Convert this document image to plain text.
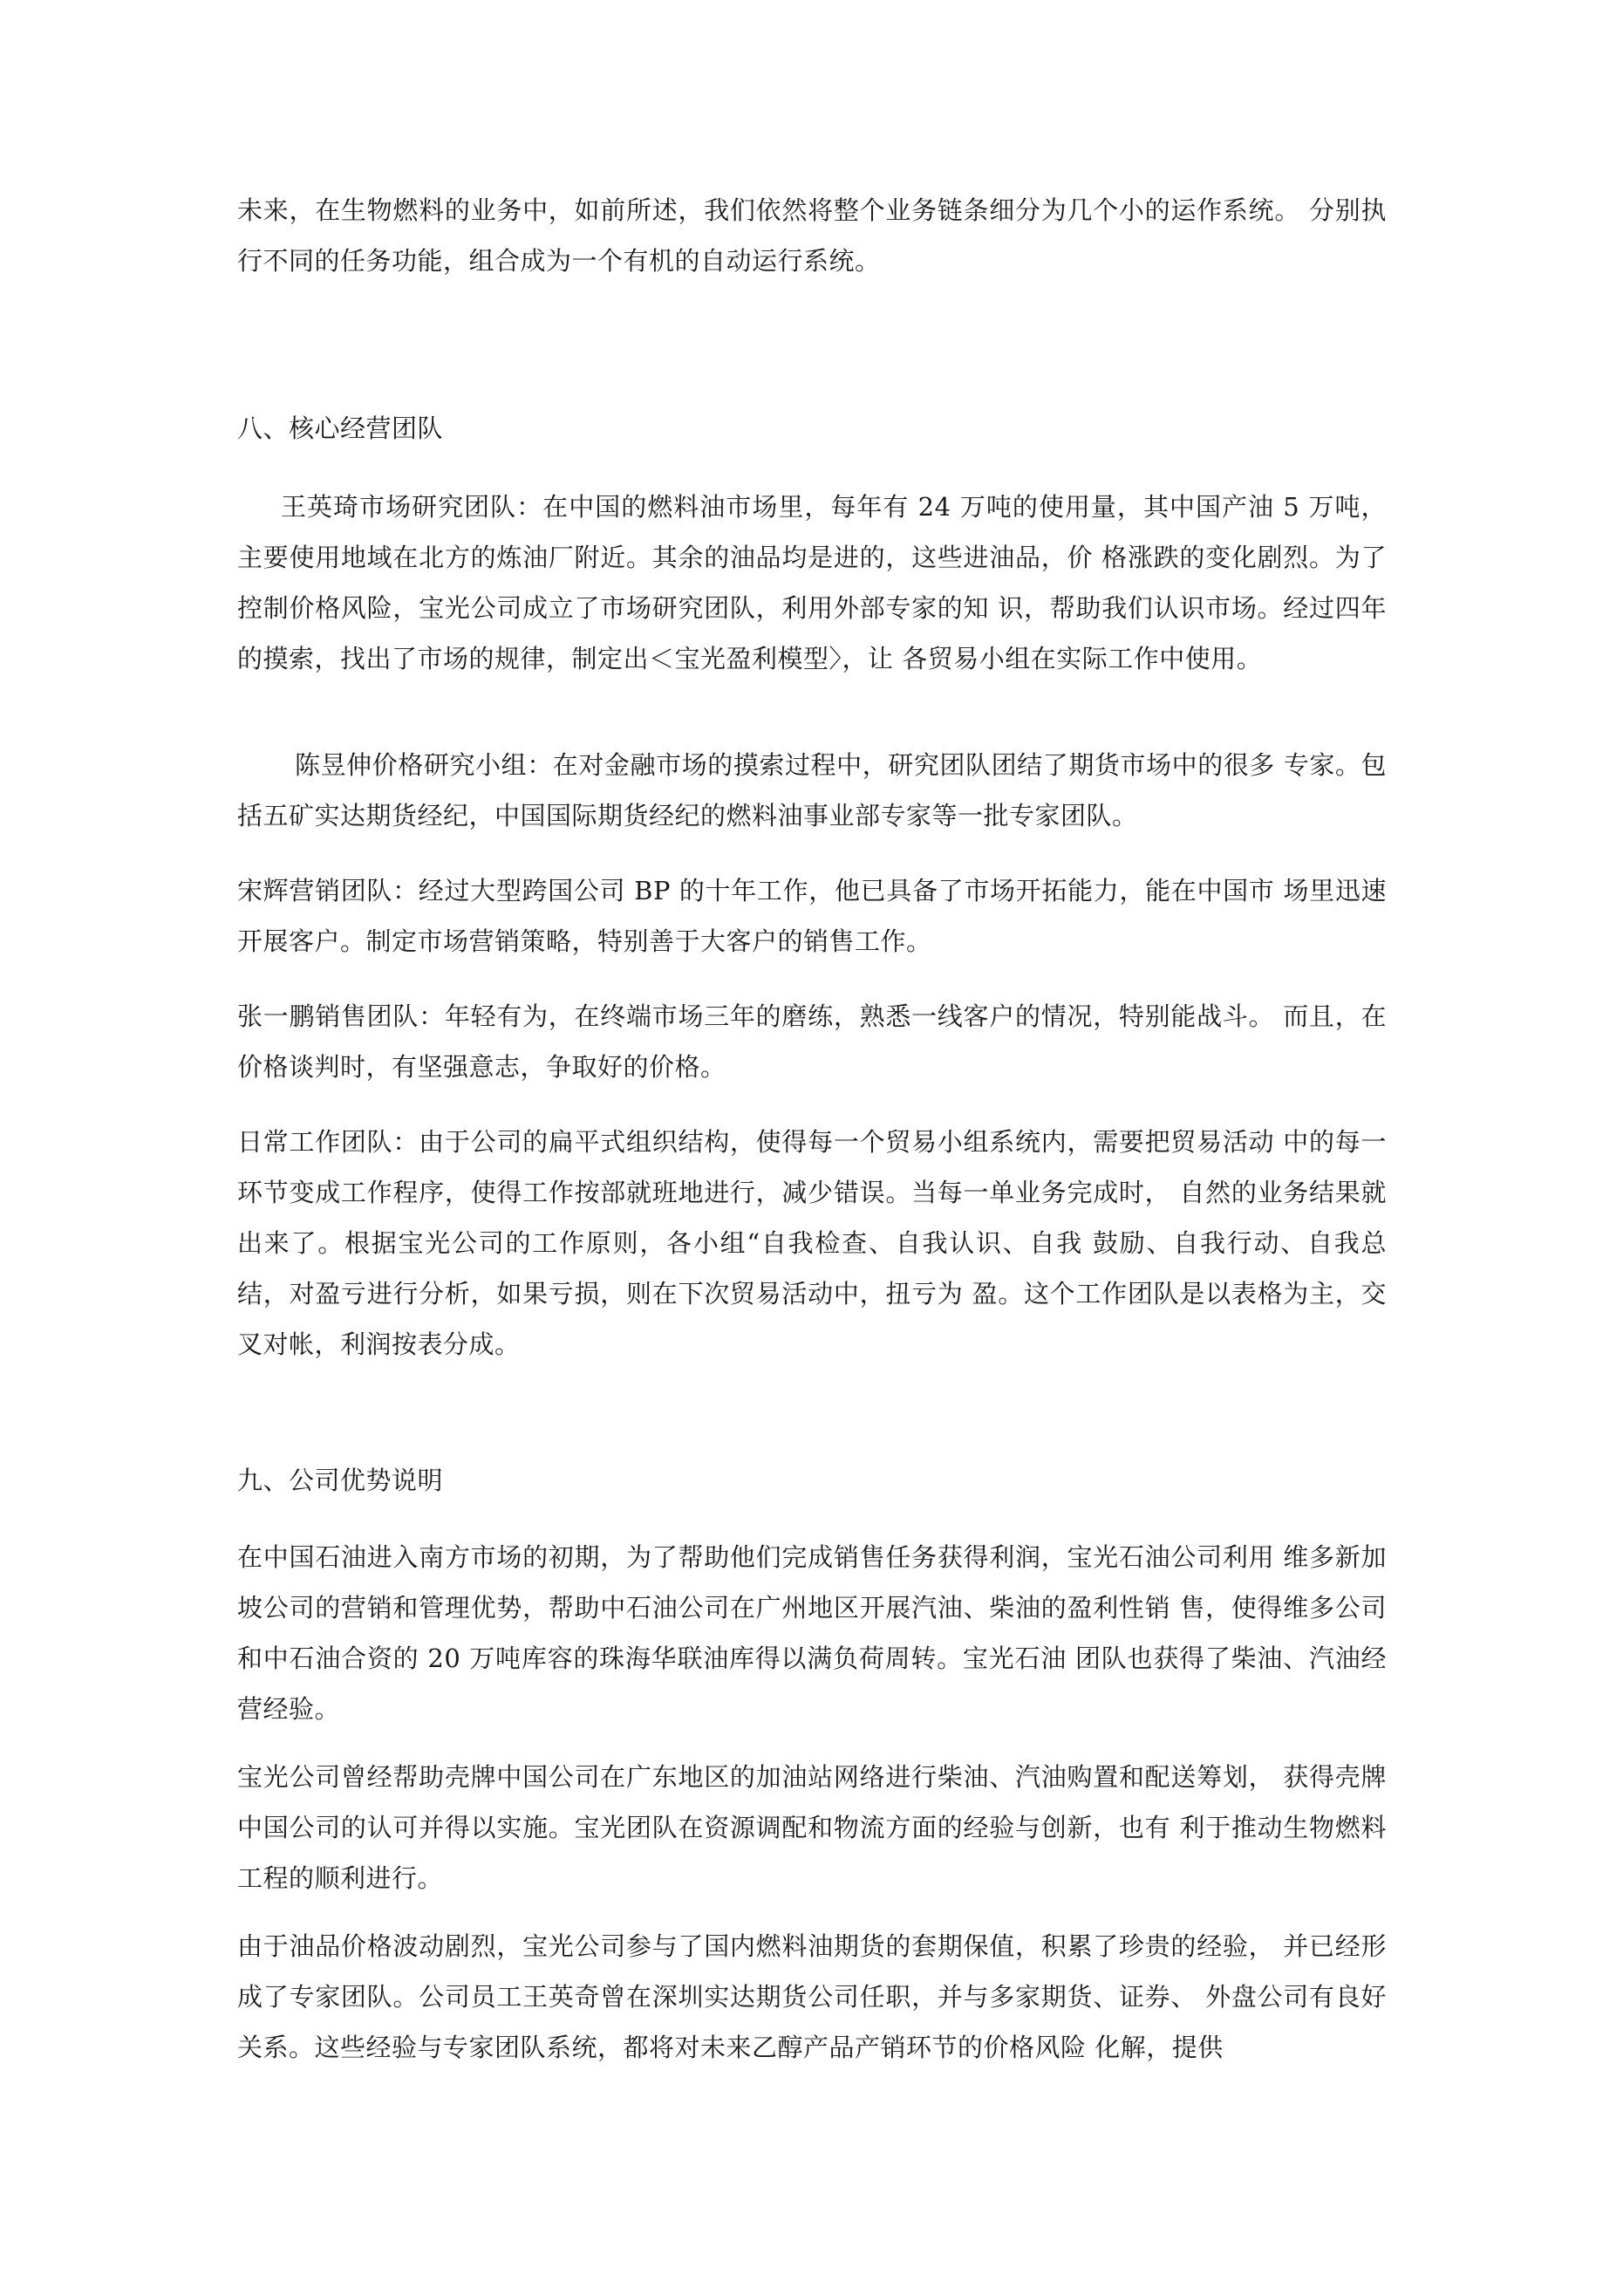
未来，在生物燃料的业务中，如前所述，我们依然将整个业务链条细分为几个小的运作系统。 分别执行不同的任务功能，组合成为一个有机的自动运行系统。
八、核心经营团队
王英琦市场研究团队：在中国的燃料油市场里，每年有 24 万吨的使用量，其中国产油 5 万吨，主要使用地域在北方的炼油厂附近。其余的油品均是进的，这些进油品，价 格涨跌的变化剧烈。为了控制价格风险，宝光公司成立了市场研究团队，利用外部专家的知 识，帮助我们认识市场。经过四年的摸索，找出了市场的规律，制定出＜宝光盈利模型〉，让 各贸易小组在实际工作中使用。
陈昱伸价格研究小组：在对金融市场的摸索过程中，研究团队团结了期货市场中的很多 专家。包括五矿实达期货经纪，中国国际期货经纪的燃料油事业部专家等一批专家团队。
宋辉营销团队：经过大型跨国公司 BP 的十年工作，他已具备了市场开拓能力，能在中国市 场里迅速开展客户。制定市场营销策略，特别善于大客户的销售工作。
张一鹏销售团队：年轻有为，在终端市场三年的磨练，熟悉一线客户的情况，特别能战斗。 而且，在价格谈判时，有坚强意志，争取好的价格。
日常工作团队：由于公司的扁平式组织结构，使得每一个贸易小组系统内，需要把贸易活动 中的每一环节变成工作程序，使得工作按部就班地进行，减少错误。当每一单业务完成时， 自然的业务结果就出来了。根据宝光公司的工作原则，各小组“自我检查、自我认识、自我 鼓励、自我行动、自我总结，对盈亏进行分析，如果亏损，则在下次贸易活动中，扭亏为 盈。这个工作团队是以表格为主，交叉对帐，利润按表分成。
九、公司优势说明
在中国石油进入南方市场的初期，为了帮助他们完成销售任务获得利润，宝光石油公司利用 维多新加坡公司的营销和管理优势，帮助中石油公司在广州地区开展汽油、柴油的盈利性销 售，使得维多公司和中石油合资的 20 万吨库容的珠海华联油库得以满负荷周转。宝光石油 团队也获得了柴油、汽油经营经验。
宝光公司曾经帮助壳牌中国公司在广东地区的加油站网络进行柴油、汽油购置和配送筹划， 获得壳牌中国公司的认可并得以实施。宝光团队在资源调配和物流方面的经验与创新，也有 利于推动生物燃料工程的顺利进行。
由于油品价格波动剧烈，宝光公司参与了国内燃料油期货的套期保值，积累了珍贵的经验， 并已经形成了专家团队。公司员工王英奇曾在深圳实达期货公司任职，并与多家期货、证券、 外盘公司有良好关系。这些经验与专家团队系统，都将对未来乙醇产品产销环节的价格风险 化解，提供
